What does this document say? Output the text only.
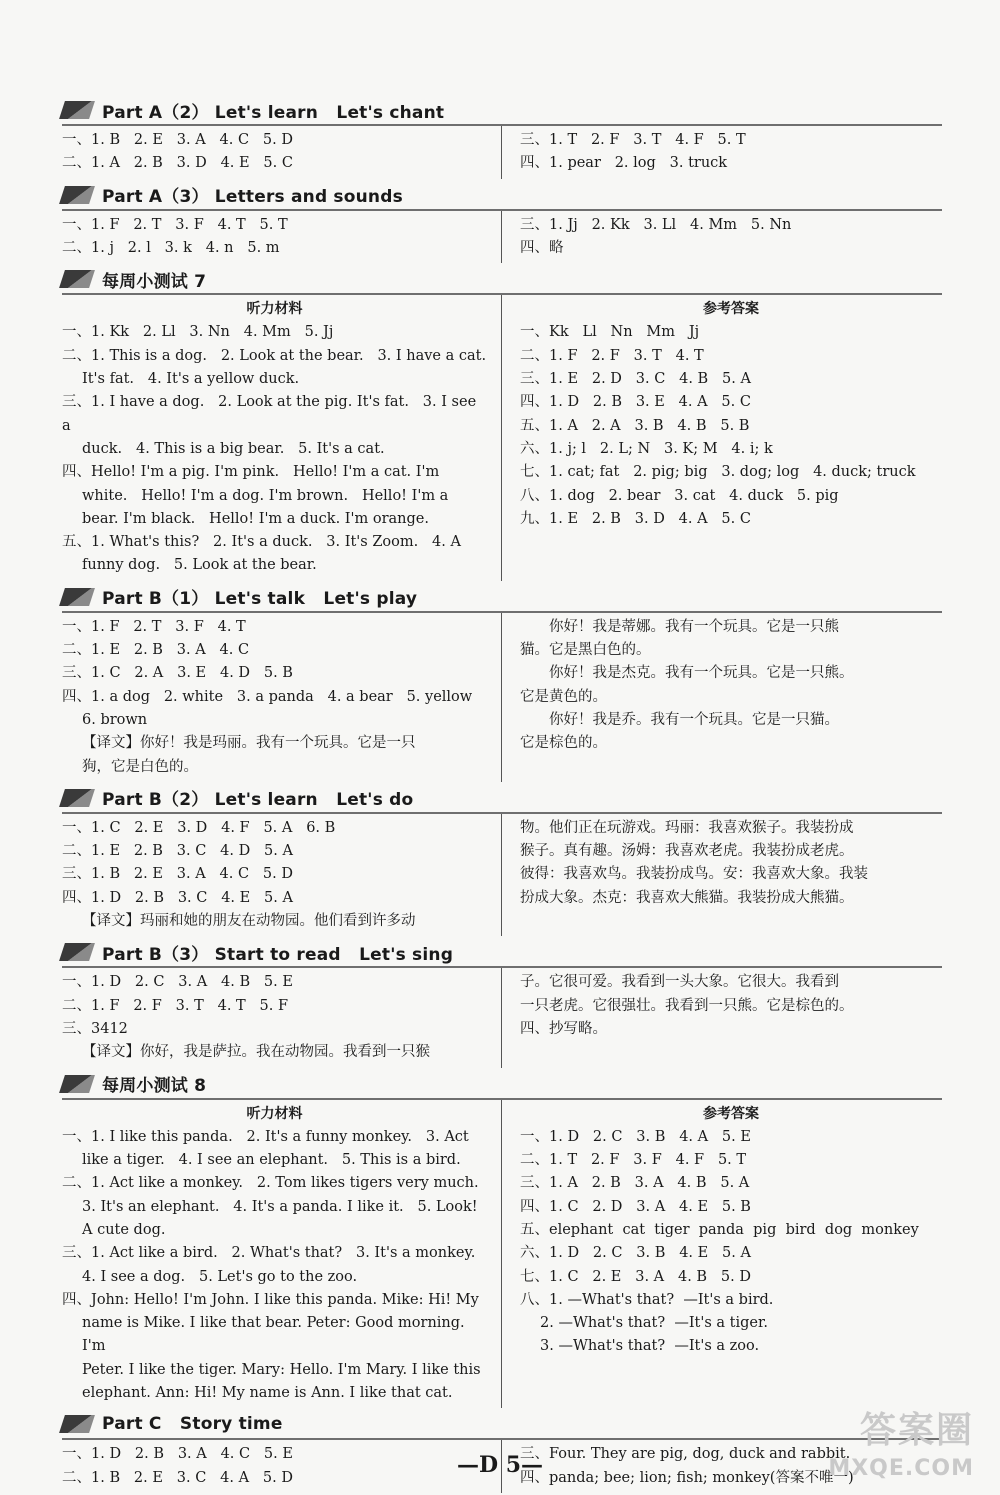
Part A（2） Let's learn   Let's chant
一、1. B   2. E   3. A   4. C   5. D
二、1. A   2. B   3. D   4. E   5. C
三、1. T   2. F   3. T   4. F   5. T
四、1. pear   2. log   3. truck
Part A（3） Letters and sounds
一、1. F   2. T   3. F   4. T   5. T
二、1. j   2. l   3. k   4. n   5. m
三、1. Jj   2. Kk   3. Ll   4. Mm   5. Nn
四、略
每周小测试 7
听力材料
一、1. Kk   2. Ll   3. Nn   4. Mm   5. Jj
二、1. This is a dog.   2. Look at the bear.   3. I have a cat.
It's fat.   4. It's a yellow duck.
三、1. I have a dog.   2. Look at the pig. It's fat.   3. I see a
duck.   4. This is a big bear.   5. It's a cat.
四、Hello! I'm a pig. I'm pink.   Hello! I'm a cat. I'm
white.   Hello! I'm a dog. I'm brown.   Hello! I'm a
bear. I'm black.   Hello! I'm a duck. I'm orange.
五、1. What's this?   2. It's a duck.   3. It's Zoom.   4. A
funny dog.   5. Look at the bear.
参考答案
一、Kk   Ll   Nn   Mm   Jj
二、1. F   2. F   3. T   4. T
三、1. E   2. D   3. C   4. B   5. A
四、1. D   2. B   3. E   4. A   5. C
五、1. A   2. A   3. B   4. B   5. B
六、1. j; l   2. L; N   3. K; M   4. i; k
七、1. cat; fat   2. pig; big   3. dog; log   4. duck; truck
八、1. dog   2. bear   3. cat   4. duck   5. pig
九、1. E   2. B   3. D   4. A   5. C
Part B（1） Let's talk   Let's play
一、1. F   2. T   3. F   4. T
二、1. E   2. B   3. A   4. C
三、1. C   2. A   3. E   4. D   5. B
四、1. a dog   2. white   3. a panda   4. a bear   5. yellow
6. brown
【译文】你好！我是玛丽。我有一个玩具。它是一只
狗，它是白色的。
你好！我是蒂娜。我有一个玩具。它是一只熊
猫。它是黑白色的。
你好！我是杰克。我有一个玩具。它是一只熊。
它是黄色的。
你好！我是乔。我有一个玩具。它是一只猫。
它是棕色的。
Part B（2） Let's learn   Let's do
一、1. C   2. E   3. D   4. F   5. A   6. B
二、1. E   2. B   3. C   4. D   5. A
三、1. B   2. E   3. A   4. C   5. D
四、1. D   2. B   3. C   4. E   5. A
【译文】玛丽和她的朋友在动物园。他们看到许多动
物。他们正在玩游戏。玛丽：我喜欢猴子。我装扮成
猴子。真有趣。汤姆：我喜欢老虎。我装扮成老虎。
彼得：我喜欢鸟。我装扮成鸟。安：我喜欢大象。我装
扮成大象。杰克：我喜欢大熊猫。我装扮成大熊猫。
Part B（3） Start to read   Let's sing
一、1. D   2. C   3. A   4. B   5. E
二、1. F   2. F   3. T   4. T   5. F
三、3412
【译文】你好，我是萨拉。我在动物园。我看到一只猴
子。它很可爱。我看到一头大象。它很大。我看到
一只老虎。它很强壮。我看到一只熊。它是棕色的。
四、抄写略。
每周小测试 8
听力材料
一、1. I like this panda.   2. It's a funny monkey.   3. Act
like a tiger.   4. I see an elephant.   5. This is a bird.
二、1. Act like a monkey.   2. Tom likes tigers very much.
3. It's an elephant.   4. It's a panda. I like it.   5. Look!
A cute dog.
三、1. Act like a bird.   2. What's that?   3. It's a monkey.
4. I see a dog.   5. Let's go to the zoo.
四、John: Hello! I'm John. I like this panda. Mike: Hi! My
name is Mike. I like that bear. Peter: Good morning. I'm
Peter. I like the tiger. Mary: Hello. I'm Mary. I like this
elephant. Ann: Hi! My name is Ann. I like that cat.
参考答案
一、1. D   2. C   3. B   4. A   5. E
二、1. T   2. F   3. F   4. F   5. T
三、1. A   2. B   3. A   4. B   5. A
四、1. C   2. D   3. A   4. E   5. B
五、elephant  cat  tiger  panda  pig  bird  dog  monkey
六、1. D   2. C   3. B   4. E   5. A
七、1. C   2. E   3. A   4. B   5. D
八、1. —What's that?  —It's a bird.
2. —What's that?  —It's a tiger.
3. —What's that?  —It's a zoo.
Part C   Story time
一、1. D   2. B   3. A   4. C   5. E
二、1. B   2. E   3. C   4. A   5. D
三、Four. They are pig, dog, duck and rabbit.
四、panda; bee; lion; fish; monkey(答案不唯一)
—D 5—
答案圈
MXQE.COM
